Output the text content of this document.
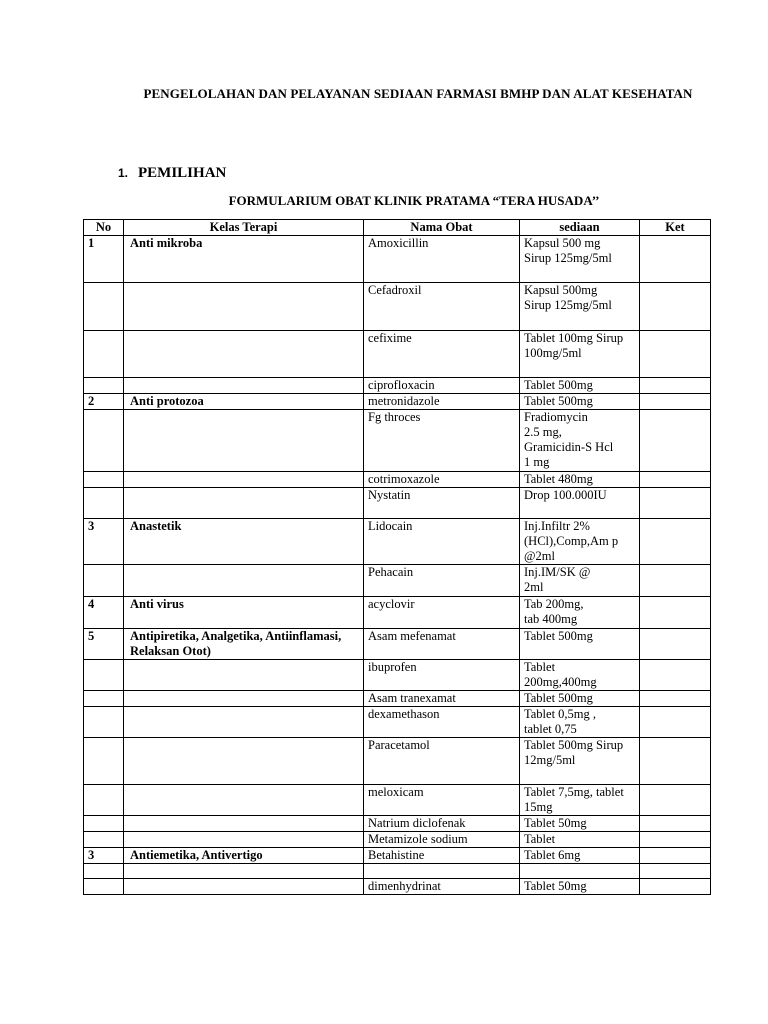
PENGELOLAHAN DAN PELAYANAN SEDIAAN FARMASI BMHP DAN ALAT KESEHATAN
1. PEMILIHAN
FORMULARIUM OBAT KLINIK PRATAMA “TERA HUSADA’’
No	Kelas Terapi	Nama Obat	sediaan	Ket
1	Anti mikroba	Amoxicillin	Kapsul 500 mg
Sirup 125mg/5ml	

		Cefadroxil	Kapsul 500mg
Sirup 125mg/5ml	

		cefixime	Tablet 100mg Sirup
100mg/5ml	

		ciprofloxacin	Tablet 500mg	

2	Anti protozoa	metronidazole	Tablet 500mg	

		Fg throces	Fradiomycin
2.5 mg,
Gramicidin-S Hcl
1 mg	

		cotrimoxazole	Tablet 480mg	

		Nystatin	Drop 100.000IU	

3	Anastetik	Lidocain	Inj.Infiltr 2%
(HCl),Comp,Am p
@2ml	

		Pehacain	Inj.IM/SK @
2ml	

4	Anti virus	acyclovir	Tab 200mg,
tab 400mg	

5	Antipiretika, Analgetika, Antiinflamasi, Relaksan Otot)	Asam mefenamat	Tablet 500mg	

		ibuprofen	Tablet
200mg,400mg	

		Asam tranexamat	Tablet 500mg	

		dexamethason	Tablet 0,5mg ,
tablet 0,75	

		Paracetamol	Tablet 500mg Sirup
12mg/5ml	

		meloxicam	Tablet 7,5mg, tablet
15mg	

		Natrium diclofenak	Tablet 50mg	

		Metamizole sodium	Tablet	

3	Antiemetika, Antivertigo	Betahistine	Tablet 6mg	

		dimenhydrinat	Tablet 50mg	
